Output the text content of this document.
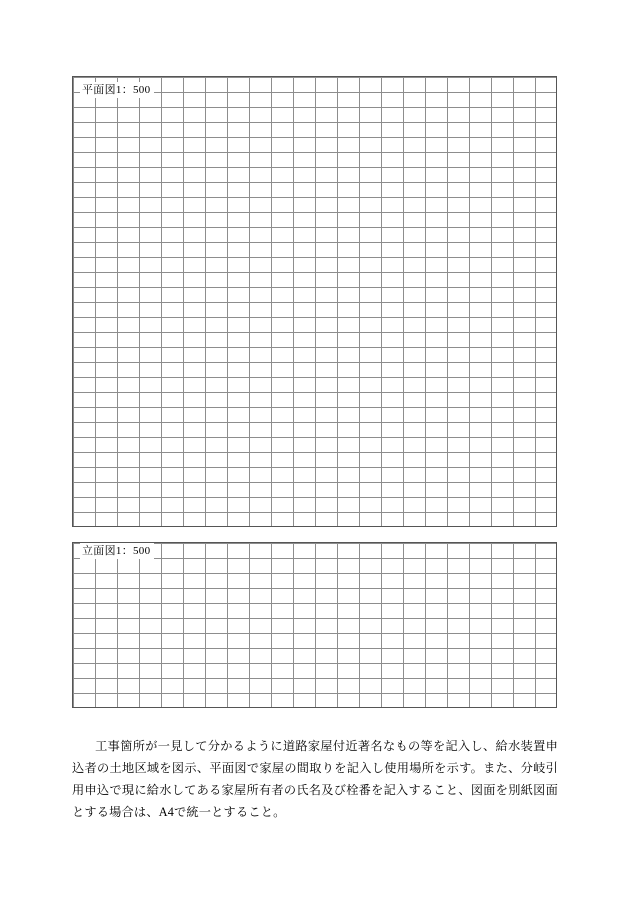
平面図1：500
立面図1：500
工事箇所が一見して分かるように道路家屋付近著名なもの等を記入し、給水装置申込者の土地区域を図示、平面図で家屋の間取りを記入し使用場所を示す。また、分岐引用申込で現に給水してある家屋所有者の氏名及び栓番を記入すること、図面を別紙図面とする場合は、A4で統一とすること。
